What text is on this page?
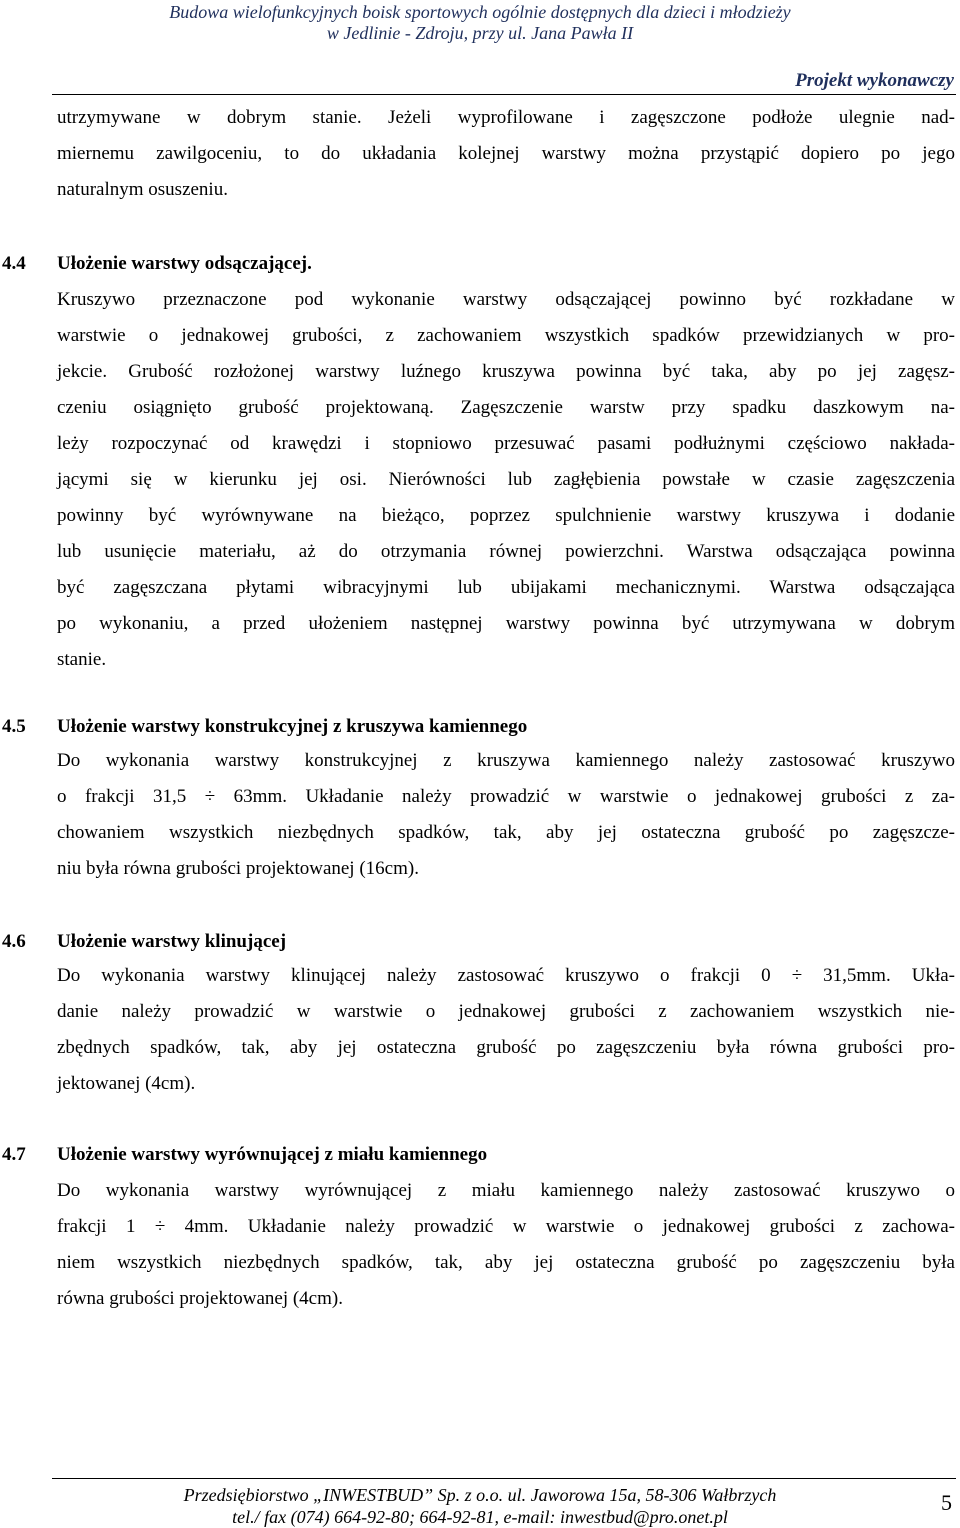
Budowa wielofunkcyjnych boisk sportowych ogólnie dostępnych dla dzieci i młodzieży
w Jedlinie - Zdroju, przy ul. Jana Pawła II
Projekt wykonawczy
utrzymywane w dobrym stanie. Jeżeli wyprofilowane i zagęszczone podłoże ulegnie nad-
miernemu zawilgoceniu, to do układania kolejnej warstwy można przystąpić dopiero po jego
naturalnym osuszeniu.
4.4 Ułożenie warstwy odsączającej.
Kruszywo przeznaczone pod wykonanie warstwy odsączającej powinno być rozkładane w
warstwie o jednakowej grubości, z zachowaniem wszystkich spadków przewidzianych w pro-
jekcie. Grubość rozłożonej warstwy luźnego kruszywa powinna być taka, aby po jej zagęsz-
czeniu osiągnięto grubość projektowaną. Zagęszczenie warstw przy spadku daszkowym na-
leży rozpoczynać od krawędzi i stopniowo przesuwać pasami podłużnymi częściowo nakłada-
jącymi się w kierunku jej osi. Nierówności lub zagłębienia powstałe w czasie zagęszczenia
powinny być wyrównywane na bieżąco, poprzez spulchnienie warstwy kruszywa i dodanie
lub usunięcie materiału, aż do otrzymania równej powierzchni. Warstwa odsączająca powinna
być zagęszczana płytami wibracyjnymi lub ubijakami mechanicznymi. Warstwa odsączająca
po wykonaniu, a przed ułożeniem następnej warstwy powinna być utrzymywana w dobrym
stanie.
4.5 Ułożenie warstwy konstrukcyjnej z kruszywa kamiennego
Do wykonania warstwy konstrukcyjnej z kruszywa kamiennego należy zastosować kruszywo
o frakcji 31,5 ÷ 63mm. Układanie należy prowadzić w warstwie o jednakowej grubości z za-
chowaniem wszystkich niezbędnych spadków, tak, aby jej ostateczna grubość po zagęszcze-
niu była równa grubości projektowanej (16cm).
4.6 Ułożenie warstwy klinującej
Do wykonania warstwy klinującej należy zastosować kruszywo o frakcji 0 ÷ 31,5mm. Ukła-
danie należy prowadzić w warstwie o jednakowej grubości z zachowaniem wszystkich nie-
zbędnych spadków, tak, aby jej ostateczna grubość po zagęszczeniu była równa grubości pro-
jektowanej (4cm).
4.7 Ułożenie warstwy wyrównującej z miału kamiennego
Do wykonania warstwy wyrównującej z miału kamiennego należy zastosować kruszywo o
frakcji 1 ÷ 4mm. Układanie należy prowadzić w warstwie o jednakowej grubości z zachowa-
niem wszystkich niezbędnych spadków, tak, aby jej ostateczna grubość po zagęszczeniu była
równa grubości projektowanej (4cm).
Przedsiębiorstwo „INWESTBUD” Sp. z o.o. ul. Jaworowa 15a, 58-306 Wałbrzych
tel./ fax (074) 664-92-80; 664-92-81, e-mail: inwestbud@pro.onet.pl
5
